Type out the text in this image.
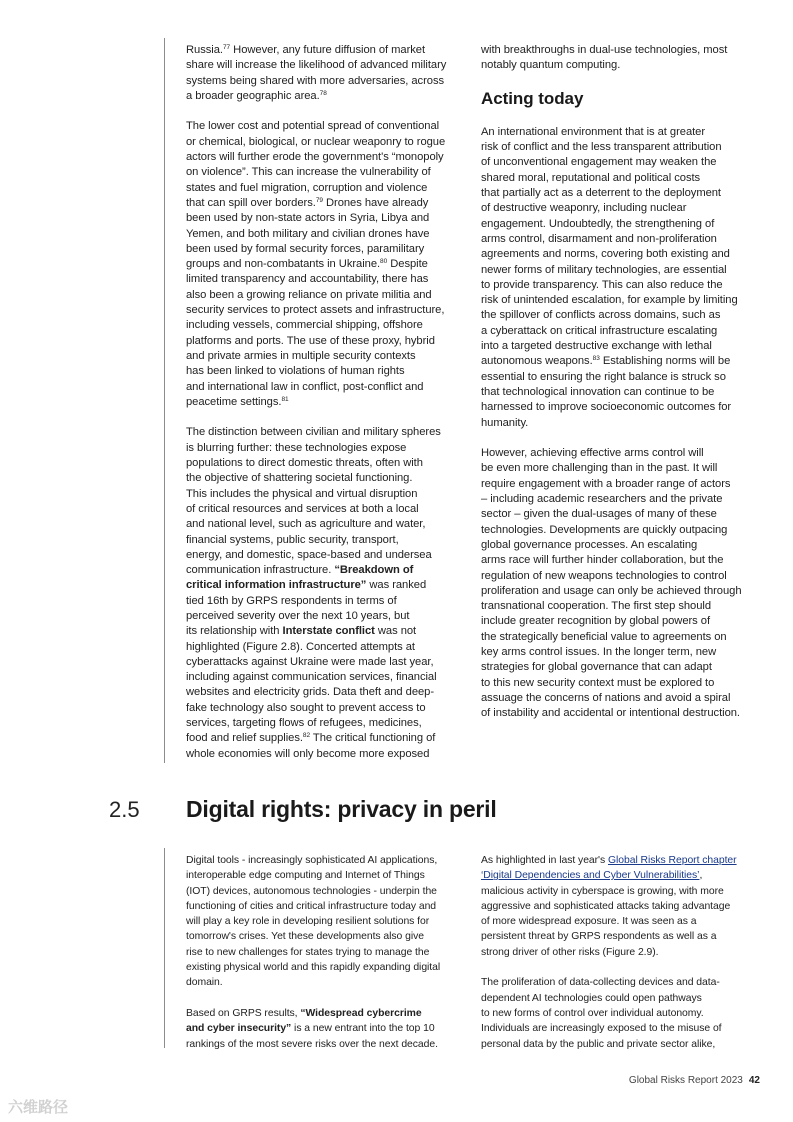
Russia.$^{77}$ However, any future diffusion of market
share will increase the likelihood of advanced military
systems being shared with more adversaries, across
a broader geographic area.$^{78}$

The lower cost and potential spread of conventional
or chemical, biological, or nuclear weaponry to rogue
actors will further erode the government's “monopoly
on violence”. This can increase the vulnerability of
states and fuel migration, corruption and violence
that can spill over borders.$^{79}$ Drones have already
been used by non-state actors in Syria, Libya and
Yemen, and both military and civilian drones have
been used by formal security forces, paramilitary
groups and non-combatants in Ukraine.$^{80}$ Despite
limited transparency and accountability, there has
also been a growing reliance on private militia and
security services to protect assets and infrastructure,
including vessels, commercial shipping, offshore
platforms and ports. The use of these proxy, hybrid
and private armies in multiple security contexts
has been linked to violations of human rights
and international law in conflict, post-conflict and
peacetime settings.$^{81}$

The distinction between civilian and military spheres
is blurring further: these technologies expose
populations to direct domestic threats, often with
the objective of shattering societal functioning.
This includes the physical and virtual disruption
of critical resources and services at both a local
and national level, such as agriculture and water,
financial systems, public security, transport,
energy, and domestic, space-based and undersea
communication infrastructure. “Breakdown of
critical information infrastructure” was ranked
tied 16th by GRPS respondents in terms of
perceived severity over the next 10 years, but
its relationship with Interstate conflict was not
highlighted (Figure 2.8). Concerted attempts at
cyberattacks against Ukraine were made last year,
including against communication services, financial
websites and electricity grids. Data theft and deep-
fake technology also sought to prevent access to
services, targeting flows of refugees, medicines,
food and relief supplies.$^{82}$ The critical functioning of
whole economies will only become more exposed

with breakthroughs in dual-use technologies, most
notably quantum computing.

Acting today

An international environment that is at greater
risk of conflict and the less transparent attribution
of unconventional engagement may weaken the
shared moral, reputational and political costs
that partially act as a deterrent to the deployment
of destructive weaponry, including nuclear
engagement. Undoubtedly, the strengthening of
arms control, disarmament and non-proliferation
agreements and norms, covering both existing and
newer forms of military technologies, are essential
to provide transparency. This can also reduce the
risk of unintended escalation, for example by limiting
the spillover of conflicts across domains, such as
a cyberattack on critical infrastructure escalating
into a targeted destructive exchange with lethal
autonomous weapons.$^{83}$ Establishing norms will be
essential to ensuring the right balance is struck so
that technological innovation can continue to be
harnessed to improve socioeconomic outcomes for
humanity.

However, achieving effective arms control will
be even more challenging than in the past. It will
require engagement with a broader range of actors
– including academic researchers and the private
sector – given the dual-usages of many of these
technologies. Developments are quickly outpacing
global governance processes. An escalating
arms race will further hinder collaboration, but the
regulation of new weapons technologies to control
proliferation and usage can only be achieved through
transnational cooperation. The first step should
include greater recognition by global powers of
the strategically beneficial value to agreements on
key arms control issues. In the longer term, new
strategies for global governance that can adapt
to this new security context must be explored to
assuage the concerns of nations and avoid a spiral
of instability and accidental or intentional destruction.

2.5 Digital rights: privacy in peril

Digital tools - increasingly sophisticated AI applications,
interoperable edge computing and Internet of Things
(IOT) devices, autonomous technologies - underpin the
functioning of cities and critical infrastructure today and
will play a key role in developing resilient solutions for
tomorrow's crises. Yet these developments also give
rise to new challenges for states trying to manage the
existing physical world and this rapidly expanding digital
domain.

Based on GRPS results, “Widespread cybercrime
and cyber insecurity” is a new entrant into the top 10
rankings of the most severe risks over the next decade.

As highlighted in last year's Global Risks Report chapter
‘Digital Dependencies and Cyber Vulnerabilities’,
malicious activity in cyberspace is growing, with more
aggressive and sophisticated attacks taking advantage
of more widespread exposure. It was seen as a
persistent threat by GRPS respondents as well as a
strong driver of other risks (Figure 2.9).

The proliferation of data-collecting devices and data-
dependent AI technologies could open pathways
to new forms of control over individual autonomy.
Individuals are increasingly exposed to the misuse of
personal data by the public and private sector alike,

Global Risks Report 2023 42
六维路径
